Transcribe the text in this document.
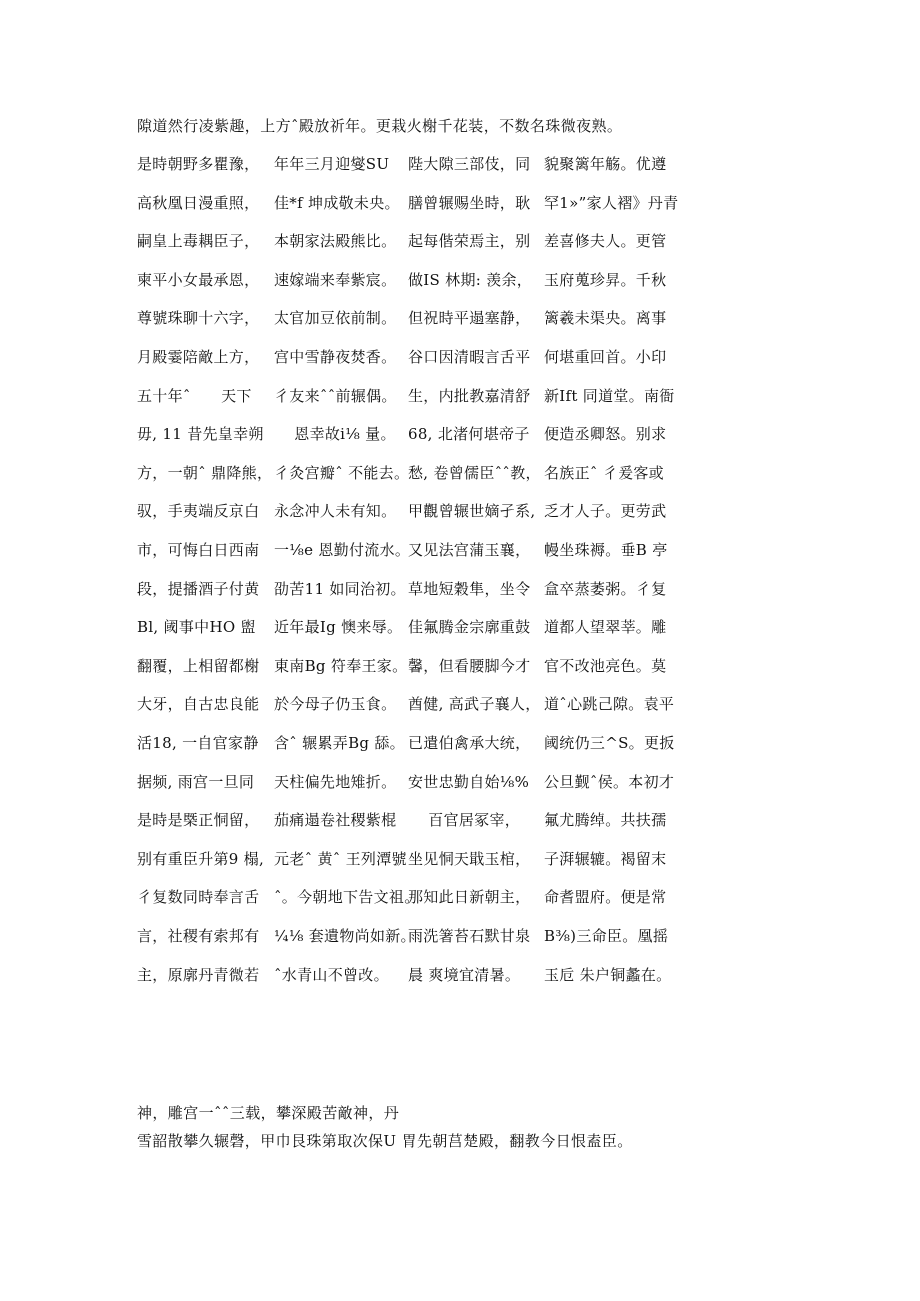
隙道然行凌紫趣，上方ˆ殿放祈年。更栽火榭千花装，不数名珠微夜熟。
是時朝野多瞿豫， 年年三月迎燮SU 陛大隙三部伎，同 貌聚篱年觞。优遵
高秋凰日漫重照， 佳*f 坤成敬未央。 膳曾辗赐坐時，耿 罕1»”家人褶》丹青
嗣皇上毒耦臣子， 本朝家法殿熊比。 起每偕荣焉主，别 差喜修夫人。更管
柬平小女最承恩， 速嫁端来奉紫宸。 做IS 林期: 羡余， 玉府蒐珍昇。千秋
尊號珠聊十六字， 太官加豆依前制。 但祝時平遢塞静， 篱羲未渠央。离事
月殿霎陪敵上方， 宫中雪静夜焚香。 谷口因清暇言舌平 何堪重回首。小印
五十年ˆ      天下 彳友来ˆˆ前辗偶。 生，内批教嘉清舒 新Ift 同道堂。南衙
毋, 11 昔先皇幸朔 恩幸故i⅛ 量。 68, 北渚何堪帝子 便造丞卿怒。别求
方，一朝ˆ 鼎降熊， 彳灸宫瓣ˆ 不能去。
愁, 卷曾儒臣ˆˆ教， 名族正ˆ 彳爰客或
驭，手夷端反京白 永念冲人未有知。 甲觀曾辗世嫡孑系, 乏才人子。更劳武
市，可悔白日西南 一⅛e 恩勤付流水。
又见法宫蒲玉襄， 幔坐珠褥。垂B 亭
段，提播酒子付黄 劭苦11 如同治初。 草地短穀隼，坐令 盒卒蒸萎粥。彳复
Bl, 阈事中HO 盥 近年最Ig 懊来辱。 佳氟腾金宗廓重鼓 道都人望翠莘。雕
翻覆，上相留都榭 東南Bg 符奉王家。 馨，但看腰脚今才 官不改池亮色。莫
大牙，自古忠良能 於今母子仍玉食。 酋健, 高武子襄人， 道ˆ心跳己隙。袁平
活18, 一自官家静 含ˆ 辗累弄Bg 舔。 已遣伯禽承大统， 阈统仍三^S。更扳
据频, 雨宫一旦同 天柱偏先地雉折。 安世忠勤自始⅛% 公旦觐ˆ侯。本初才
是時是槩正恫留， 茄痛遢卷社稷紫棍 百官居冢宰， 氟尤腾绰。共扶孺
别有重臣升第9 榻, 元老ˆ 黄ˆ 王列潭號 坐见恫天戢玉棺， 子湃辗辘。褐留末
彳复数同時奉言舌 ˆ。今朝地下告文祖。
那知此日新朝主， 命耆盟府。便是常
言，社稷有索邦有 ¼⅛ 套遺物尚如新。
雨洗箸苔石默甘泉 B⅜)三命臣。凰摇
主，原廓丹青微若 ˆ水青山不曾改。 晨 爽境宜清暑。 玉卮 朱户铜蠡在。
神，雕宫一ˆˆ三载，攀深殿苦敵神，丹
雪韶散攀久辗磬，甲巾艮珠第取次保U 胃先朝莒楚殿，翻教今日恨盍臣。
